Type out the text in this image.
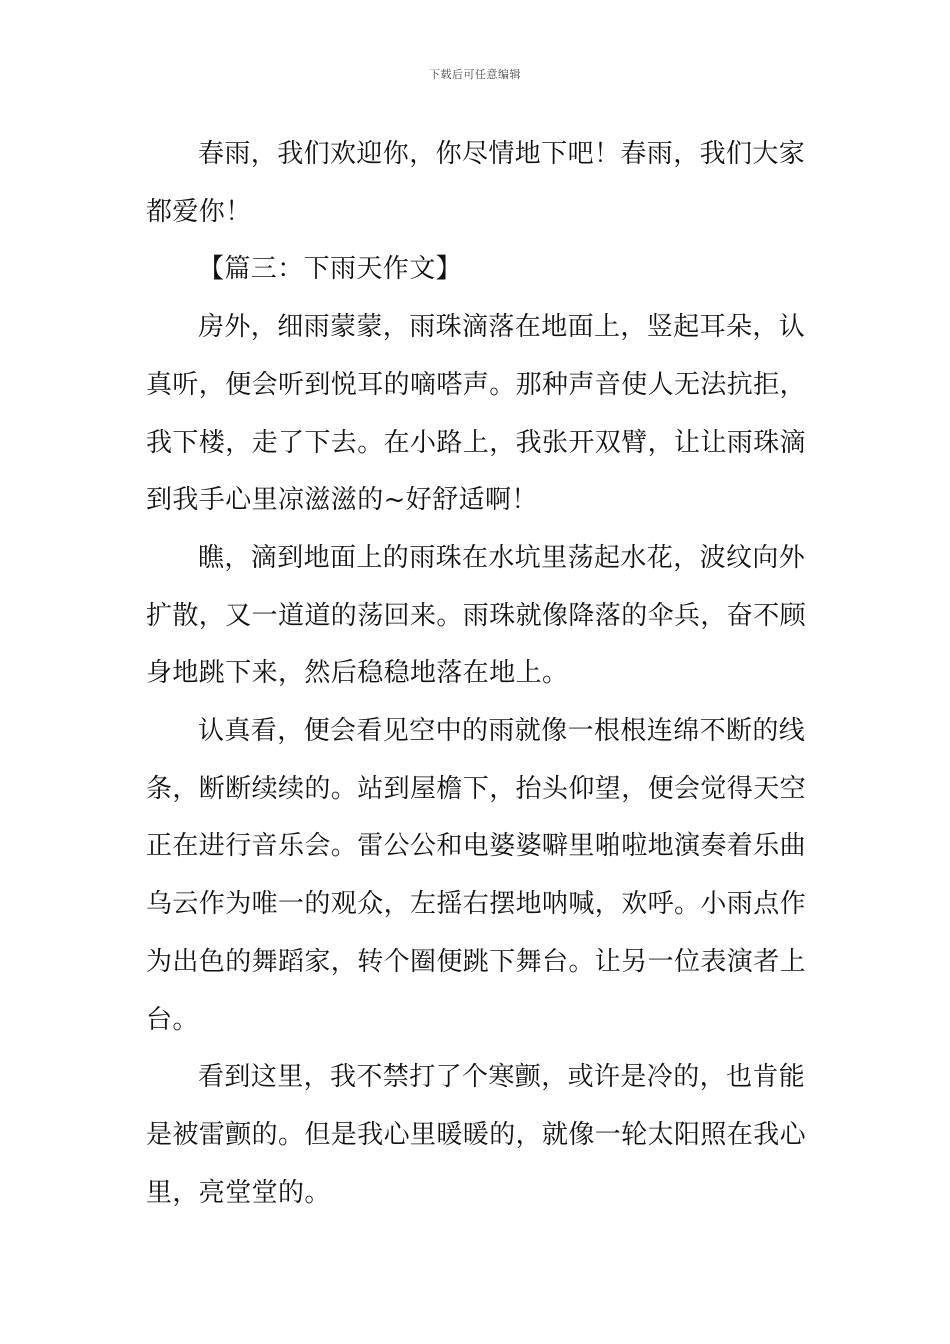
下载后可任意编辑

春雨，我们欢迎你，你尽情地下吧！春雨，我们大家都爱你！

【篇三：下雨天作文】

房外，细雨蒙蒙，雨珠滴落在地面上，竖起耳朵，认真听，便会听到悦耳的嘀嗒声。那种声音使人无法抗拒，我下楼，走了下去。在小路上，我张开双臂，让让雨珠滴到我手心里凉滋滋的~好舒适啊！

瞧，滴到地面上的雨珠在水坑里荡起水花，波纹向外扩散，又一道道的荡回来。雨珠就像降落的伞兵，奋不顾身地跳下来，然后稳稳地落在地上。

认真看，便会看见空中的雨就像一根根连绵不断的线条，断断续续的。站到屋檐下，抬头仰望，便会觉得天空正在进行音乐会。雷公公和电婆婆噼里啪啦地演奏着乐曲乌云作为唯一的观众，左摇右摆地呐喊，欢呼。小雨点作为出色的舞蹈家，转个圈便跳下舞台。让另一位表演者上台。

看到这里，我不禁打了个寒颤，或许是冷的，也肯能是被雷颤的。但是我心里暖暖的，就像一轮太阳照在我心里，亮堂堂的。
